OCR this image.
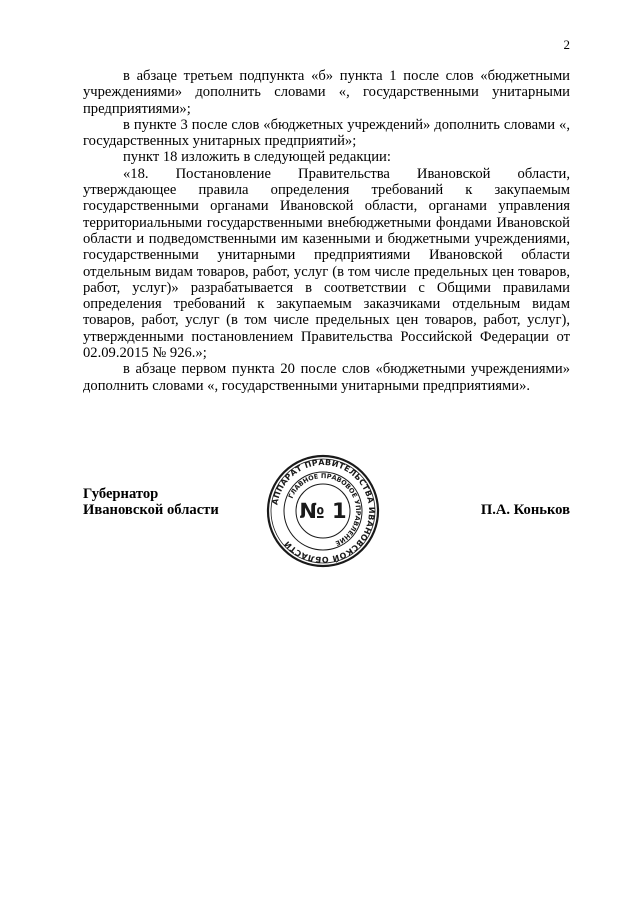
2

в абзаце третьем подпункта «б» пункта 1 после слов «бюджетными учреждениями» дополнить словами «, государственными унитарными предприятиями»;

в пункте 3 после слов «бюджетных учреждений» дополнить словами «, государственных унитарных предприятий»;

пункт 18 изложить в следующей редакции:

«18. Постановление Правительства Ивановской области, утверждающее правила определения требований к закупаемым государственными органами Ивановской области, органами управления территориальными государственными внебюджетными фондами Ивановской области и подведомственными им казенными и бюджетными учреждениями, государственными унитарными предприятиями Ивановской области отдельным видам товаров, работ, услуг (в том числе предельных цен товаров, работ, услуг)» разрабатывается в соответствии с Общими правилами определения требований к закупаемым заказчиками отдельным видам товаров, работ, услуг (в том числе предельных цен товаров, работ, услуг), утвержденными постановлением Правительства Российской Федерации от 02.09.2015 № 926.»;

в абзаце первом пункта 20 после слов «бюджетными учреждениями» дополнить словами «, государственными унитарными предприятиями».

Губернатор
Ивановской области	П.А. Коньков
АППАРАТ ПРАВИТЕЛЬСТВА ИВАНОВСКОЙ ОБЛАСТИ
ГЛАВНОЕ ПРАВОВОЕ УПРАВЛЕНИЕ
№ 1
